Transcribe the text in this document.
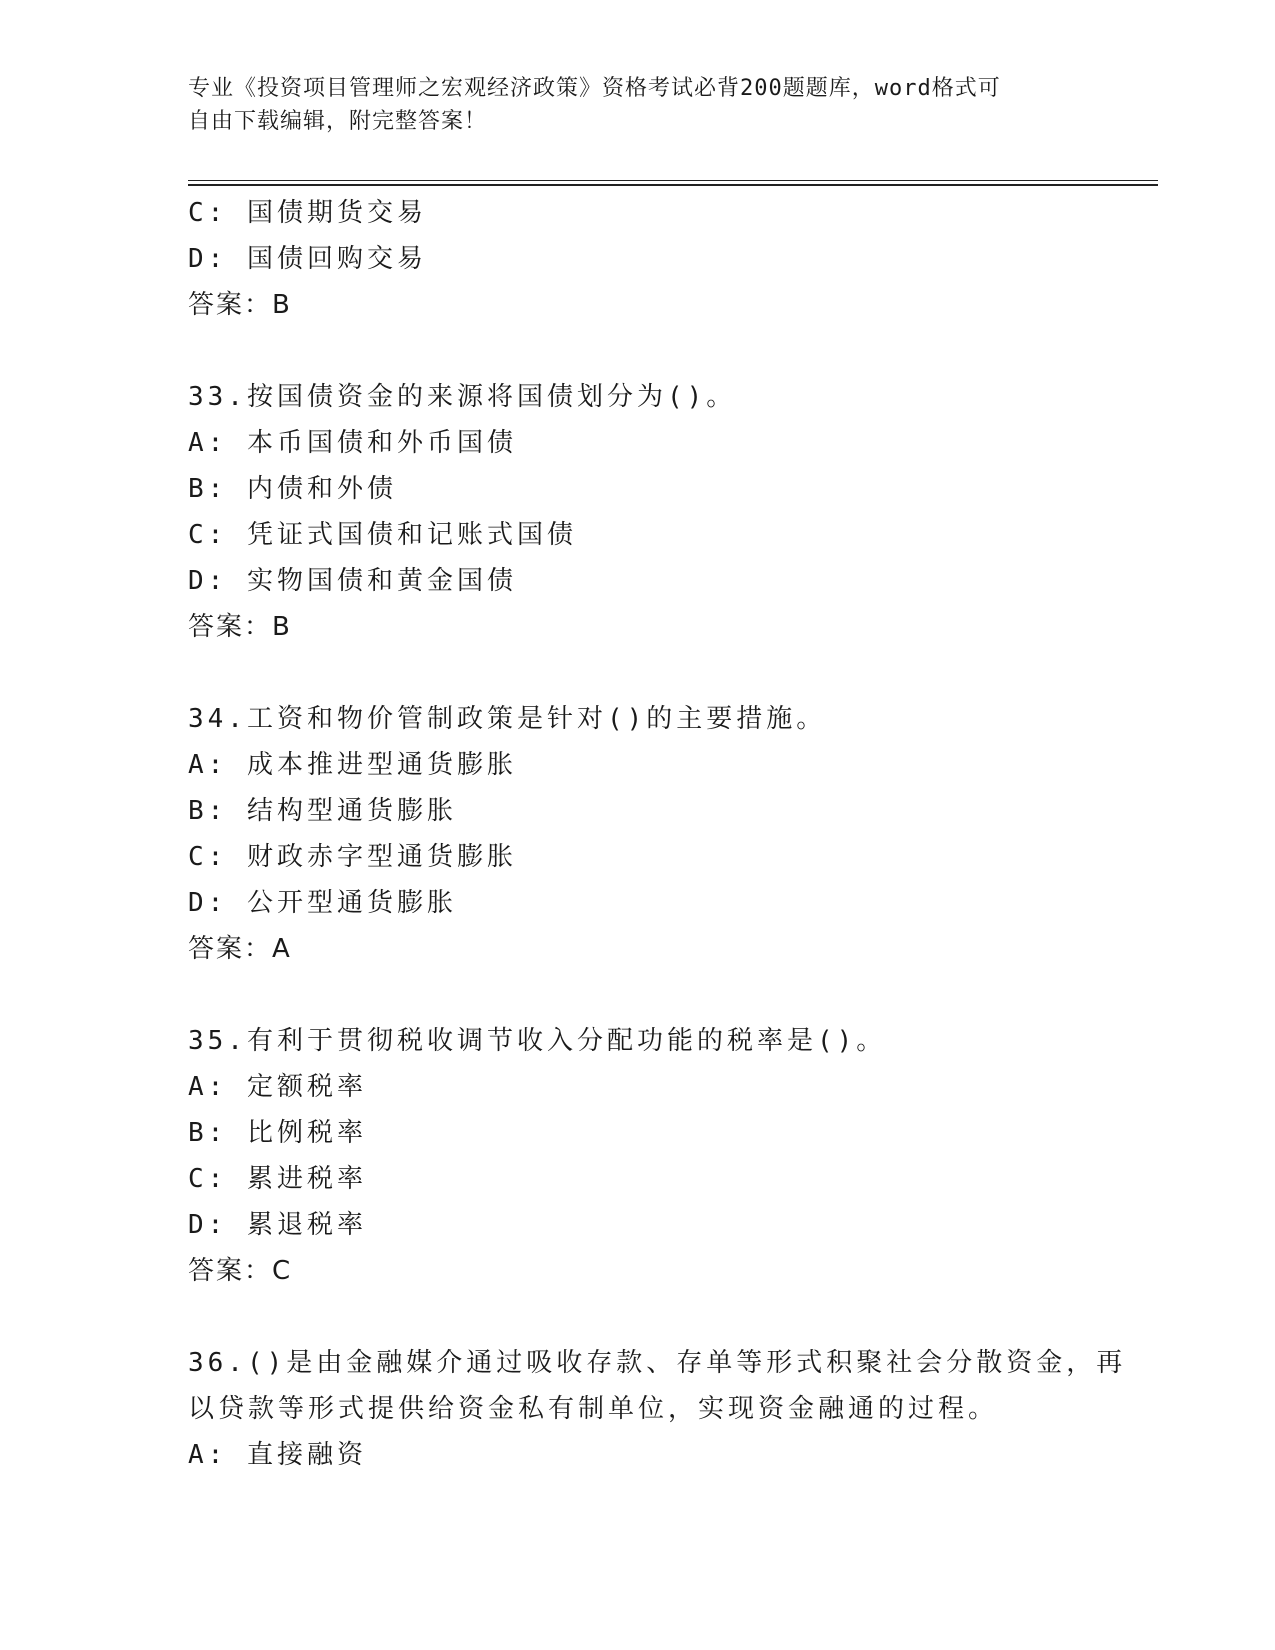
专业《投资项目管理师之宏观经济政策》资格考试必背200题题库，word格式可
自由下载编辑，附完整答案！
C: 国债期货交易
D: 国债回购交易
答案：B
33.按国债资金的来源将国债划分为()。
A: 本币国债和外币国债
B: 内债和外债
C: 凭证式国债和记账式国债
D: 实物国债和黄金国债
答案：B
34.工资和物价管制政策是针对()的主要措施。
A: 成本推进型通货膨胀
B: 结构型通货膨胀
C: 财政赤字型通货膨胀
D: 公开型通货膨胀
答案：A
35.有利于贯彻税收调节收入分配功能的税率是()。
A: 定额税率
B: 比例税率
C: 累进税率
D: 累退税率
答案：C
36.()是由金融媒介通过吸收存款、存单等形式积聚社会分散资金，再
以贷款等形式提供给资金私有制单位，实现资金融通的过程。
A: 直接融资
